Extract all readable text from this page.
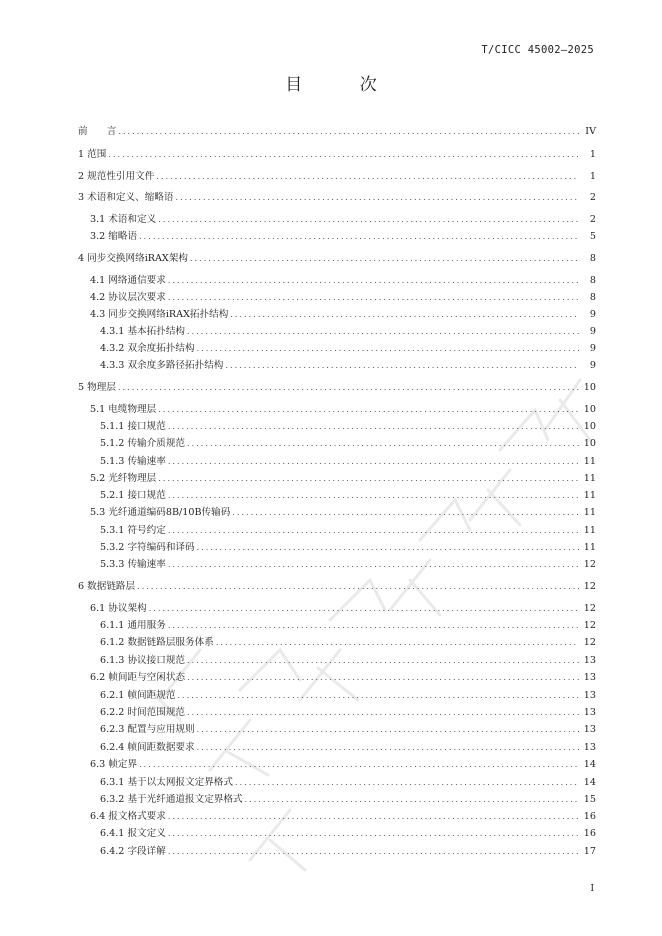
T/CICC 45002—2025
目 次
前　　言 . . .	IV
1 范围 . . .	1
2 规范性引用文件 . . .	1
3 术语和定义、缩略语 . . .	2
3.1 术语和定义 . . .	2
3.2 缩略语 . . .	5
4 同步交换网络iRAX架构 . . .	8
4.1 网络通信要求 . . .	8
4.2 协议层次要求 . . .	8
4.3 同步交换网络iRAX拓扑结构 . . .	9
4.3.1 基本拓扑结构 . . .	9
4.3.2 双余度拓扑结构 . . .	9
4.3.3 双余度多路径拓扑结构 . . .	9
5 物理层 . . .	10
5.1 电缆物理层 . . .	10
5.1.1 接口规范 . . .	10
5.1.2 传输介质规范 . . .	10
5.1.3 传输速率 . . .	11
5.2 光纤物理层 . . .	11
5.2.1 接口规范 . . .	11
5.3 光纤通道编码8B/10B传输码 . . .	11
5.3.1 符号约定 . . .	11
5.3.2 字符编码和译码 . . .	11
5.3.3 传输速率 . . .	12
6 数据链路层 . . .	12
6.1 协议架构 . . .	12
6.1.1 通用服务 . . .	12
6.1.2 数据链路层服务体系 . . .	12
6.1.3 协议接口规范 . . .	13
6.2 帧间距与空闲状态 . . .	13
6.2.1 帧间距规范 . . .	13
6.2.2 时间范围规范 . . .	13
6.2.3 配置与应用规则 . . .	13
6.2.4 帧间距数据要求 . . .	13
6.3 帧定界 . . .	14
6.3.1 基于以太网报文定界格式 . . .	14
6.3.2 基于光纤通道报文定界格式 . . .	15
6.4 报文格式要求 . . .	16
6.4.1 报文定义 . . .	16
6.4.2 字段详解 . . .	17
I
